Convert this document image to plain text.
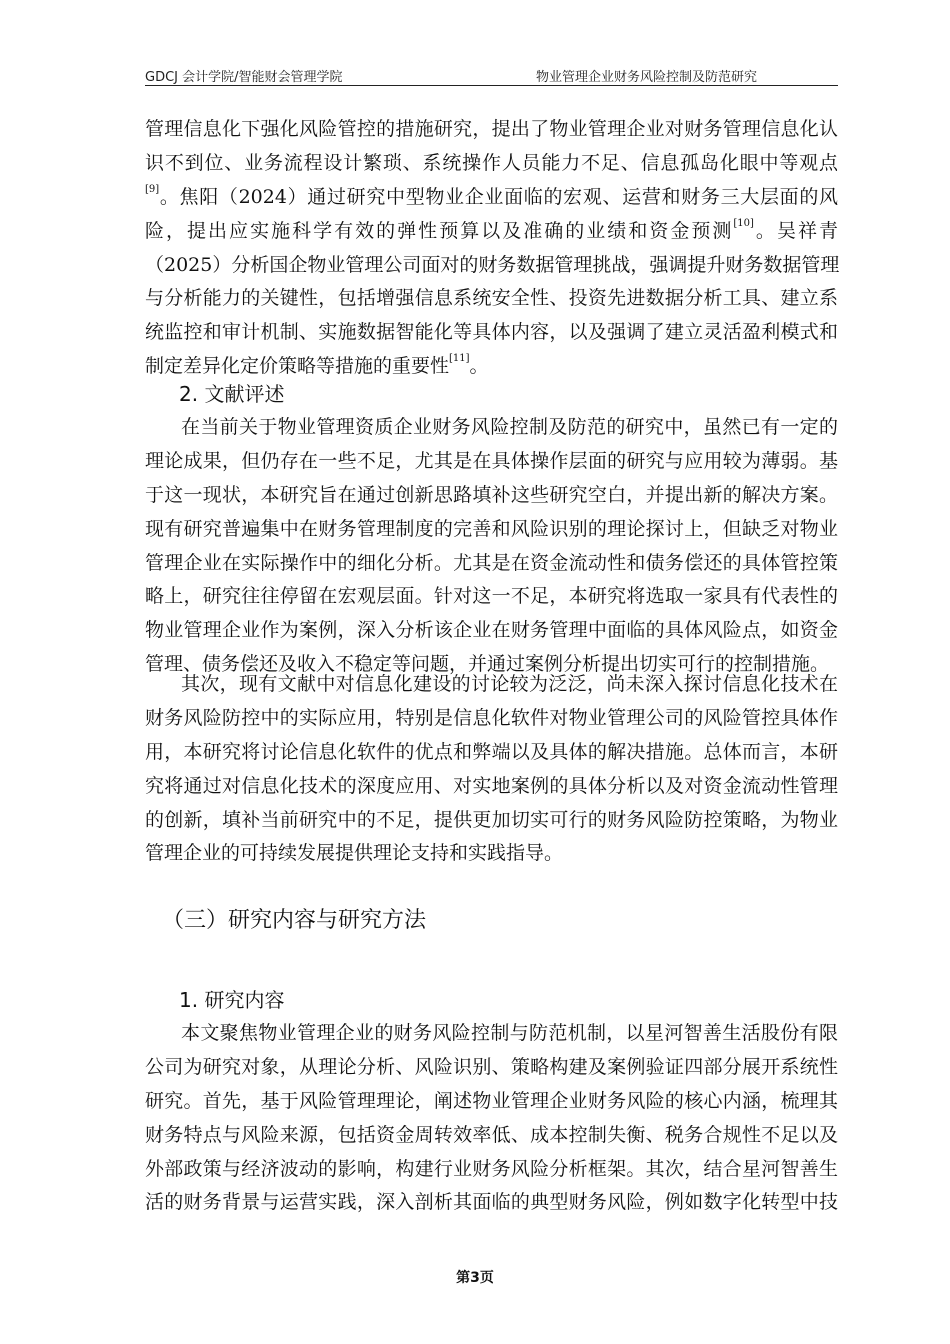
GDCJ 会计学院/智能财会管理学院	物业管理企业财务风险控制及防范研究
管理信息化下强化风险管控的措施研究，提出了物业管理企业对财务管理信息化认
识不到位、业务流程设计繁琐、系统操作人员能力不足、信息孤岛化眼中等观点
[9]。焦阳（2024）通过研究中型物业企业面临的宏观、运营和财务三大层面的风
险，提出应实施科学有效的弹性预算以及准确的业绩和资金预测[10]。吴祥青
（2025）分析国企物业管理公司面对的财务数据管理挑战，强调提升财务数据管理
与分析能力的关键性，包括增强信息系统安全性、投资先进数据分析工具、建立系
统监控和审计机制、实施数据智能化等具体内容，以及强调了建立灵活盈利模式和
制定差异化定价策略等措施的重要性[11]。
2. 文献评述
在当前关于物业管理资质企业财务风险控制及防范的研究中，虽然已有一定的
理论成果，但仍存在一些不足，尤其是在具体操作层面的研究与应用较为薄弱。基
于这一现状，本研究旨在通过创新思路填补这些研究空白，并提出新的解决方案。
现有研究普遍集中在财务管理制度的完善和风险识别的理论探讨上，但缺乏对物业
管理企业在实际操作中的细化分析。尤其是在资金流动性和债务偿还的具体管控策
略上，研究往往停留在宏观层面。针对这一不足，本研究将选取一家具有代表性的
物业管理企业作为案例，深入分析该企业在财务管理中面临的具体风险点，如资金
管理、债务偿还及收入不稳定等问题，并通过案例分析提出切实可行的控制措施。
其次，现有文献中对信息化建设的讨论较为泛泛，尚未深入探讨信息化技术在
财务风险防控中的实际应用，特别是信息化软件对物业管理公司的风险管控具体作
用，本研究将讨论信息化软件的优点和弊端以及具体的解决措施。总体而言，本研
究将通过对信息化技术的深度应用、对实地案例的具体分析以及对资金流动性管理
的创新，填补当前研究中的不足，提供更加切实可行的财务风险防控策略，为物业
管理企业的可持续发展提供理论支持和实践指导。
（三）研究内容与研究方法
1. 研究内容
本文聚焦物业管理企业的财务风险控制与防范机制，以星河智善生活股份有限
公司为研究对象，从理论分析、风险识别、策略构建及案例验证四部分展开系统性
研究。首先，基于风险管理理论，阐述物业管理企业财务风险的核心内涵，梳理其
财务特点与风险来源，包括资金周转效率低、成本控制失衡、税务合规性不足以及
外部政策与经济波动的影响，构建行业财务风险分析框架。其次，结合星河智善生
活的财务背景与运营实践，深入剖析其面临的典型财务风险，例如数字化转型中技
第3页
